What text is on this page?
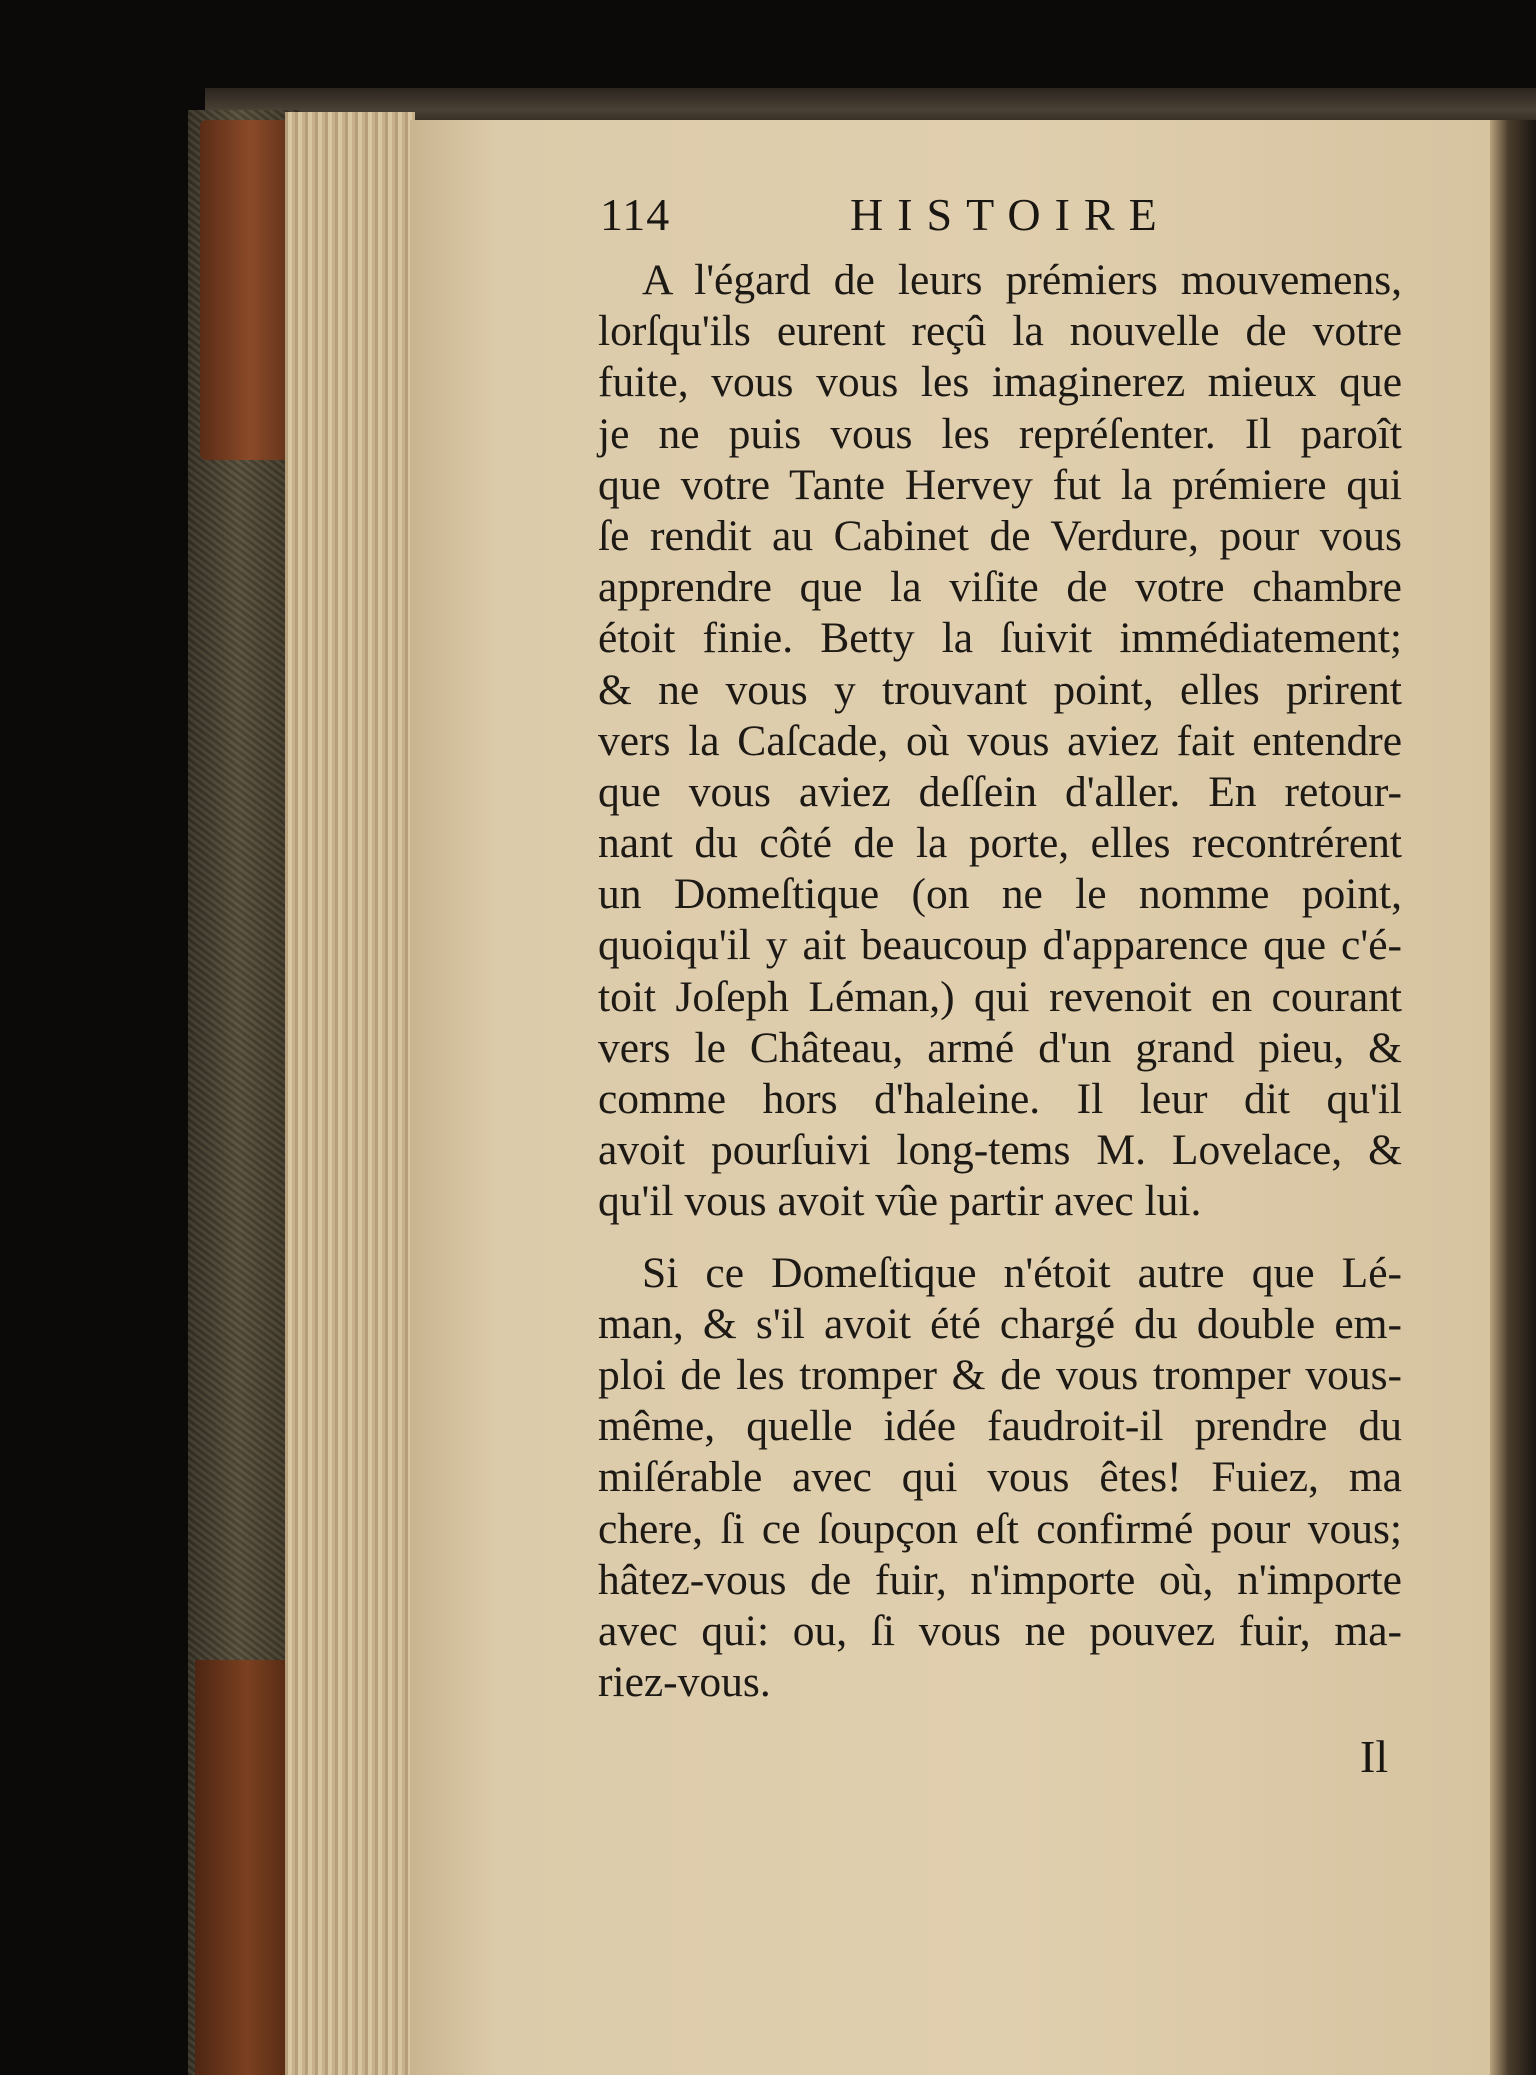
114	HISTOIRE

A l'égard de leurs prémiers mouvemens,
lorſqu'ils eurent reçû la nouvelle de votre
fuite, vous vous les imaginerez mieux que
je ne puis vous les repréſenter. Il paroît
que votre Tante Hervey fut la prémiere qui
ſe rendit au Cabinet de Verdure, pour vous
apprendre que la viſite de votre chambre
étoit finie. Betty la ſuivit immédiatement;
& ne vous y trouvant point, elles prirent
vers la Caſcade, où vous aviez fait entendre
que vous aviez deſſein d'aller. En retour-
nant du côté de la porte, elles recontrérent
un Domeſtique (on ne le nomme point,
quoiqu'il y ait beaucoup d'apparence que c'é-
toit Joſeph Léman,) qui revenoit en courant
vers le Château, armé d'un grand pieu, &
comme hors d'haleine. Il leur dit qu'il
avoit pourſuivi long-tems M. Lovelace, &
qu'il vous avoit vûe partir avec lui.

Si ce Domeſtique n'étoit autre que Lé-
man, & s'il avoit été chargé du double em-
ploi de les tromper & de vous tromper vous-
même, quelle idée faudroit-il prendre du
miſérable avec qui vous êtes! Fuiez, ma
chere, ſi ce ſoupçon eſt confirmé pour vous;
hâtez-vous de fuir, n'importe où, n'importe
avec qui: ou, ſi vous ne pouvez fuir, ma-
riez-vous.

Il
